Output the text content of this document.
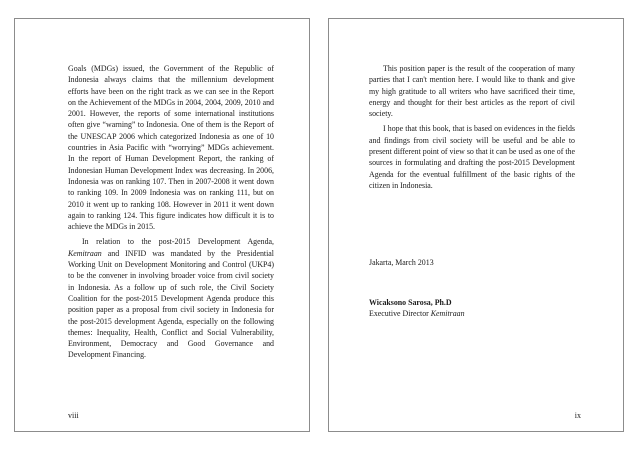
Goals (MDGs) issued, the Government of the Republic of Indonesia always claims that the millennium development efforts have been on the right track as we can see in the Report on the Achievement of the MDGs in 2004, 2004, 2009, 2010 and 2001. However, the reports of some international institutions often give “warning” to Indonesia. One of them is the Report of the UNESCAP 2006 which categorized Indonesia as one of 10 countries in Asia Pacific with “worrying” MDGs achievement. In the report of Human Development Report, the ranking of Indonesian Human Development Index was decreasing. In 2006, Indonesia was on ranking 107. Then in 2007-2008 it went down to ranking 109. In 2009 Indonesia was on ranking 111, but on 2010 it went up to ranking 108. However in 2011 it went down again to ranking 124. This figure indicates how difficult it is to achieve the MDGs in 2015.

In relation to the post-2015 Development Agenda, Kemitraan and INFID was mandated by the Presidential Working Unit on Development Monitoring and Control (UKP4) to be the convener in involving broader voice from civil society in Indonesia. As a follow up of such role, the Civil Society Coalition for the post-2015 Development Agenda produce this position paper as a proposal from civil society in Indonesia for the post-2015 development Agenda, especially on the following themes: Inequality, Health, Conflict and Social Vulnerability, Environment, Democracy and Good Governance and Development Financing.

viii

This position paper is the result of the cooperation of many parties that I can't mention here. I would like to thank and give my high gratitude to all writers who have sacrificed their time, energy and thought for their best articles as the report of civil society.

I hope that this book, that is based on evidences in the fields and findings from civil society will be useful and be able to present different point of view so that it can be used as one of the sources in formulating and drafting the post-2015 Development Agenda for the eventual fulfillment of the basic rights of the citizen in Indonesia.

Jakarta, March 2013

Wicaksono Sarosa, Ph.D

Executive Director Kemitraan

ix
